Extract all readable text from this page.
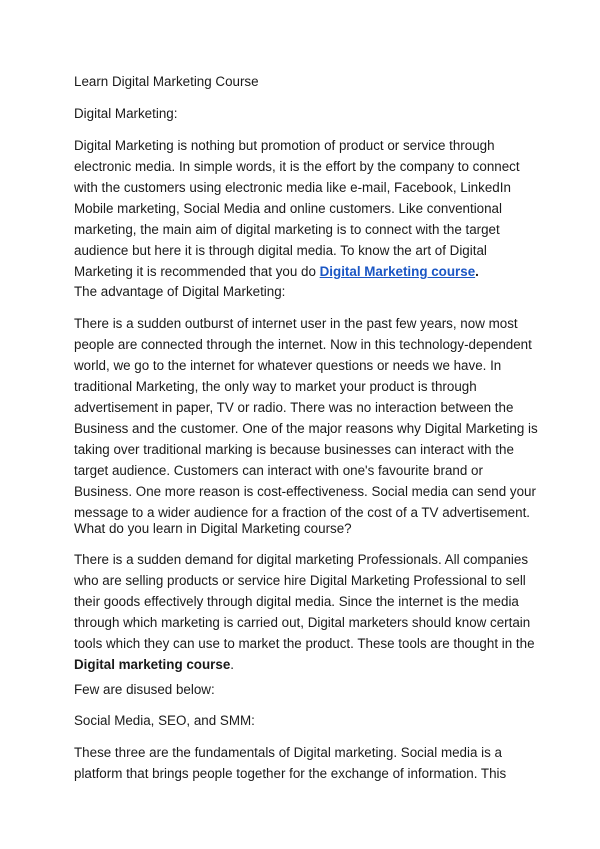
Learn Digital Marketing Course

Digital Marketing:

Digital Marketing is nothing but promotion of product or service through
electronic media. In simple words, it is the effort by the company to connect
with the customers using electronic media like e-mail, Facebook, LinkedIn
Mobile marketing, Social Media and online customers. Like conventional
marketing, the main aim of digital marketing is to connect with the target
audience but here it is through digital media. To know the art of Digital
Marketing it is recommended that you do Digital Marketing course.

The advantage of Digital Marketing:

There is a sudden outburst of internet user in the past few years, now most
people are connected through the internet. Now in this technology-dependent
world, we go to the internet for whatever questions or needs we have. In
traditional Marketing, the only way to market your product is through
advertisement in paper, TV or radio. There was no interaction between the
Business and the customer. One of the major reasons why Digital Marketing is
taking over traditional marking is because businesses can interact with the
target audience. Customers can interact with one's favourite brand or
Business. One more reason is cost-effectiveness. Social media can send your
message to a wider audience for a fraction of the cost of a TV advertisement.

What do you learn in Digital Marketing course?

There is a sudden demand for digital marketing Professionals. All companies
who are selling products or service hire Digital Marketing Professional to sell
their goods effectively through digital media. Since the internet is the media
through which marketing is carried out, Digital marketers should know certain
tools which they can use to market the product. These tools are thought in the
Digital marketing course.

Few are disused below:

Social Media, SEO, and SMM:

These three are the fundamentals of Digital marketing. Social media is a
platform that brings people together for the exchange of information. This
